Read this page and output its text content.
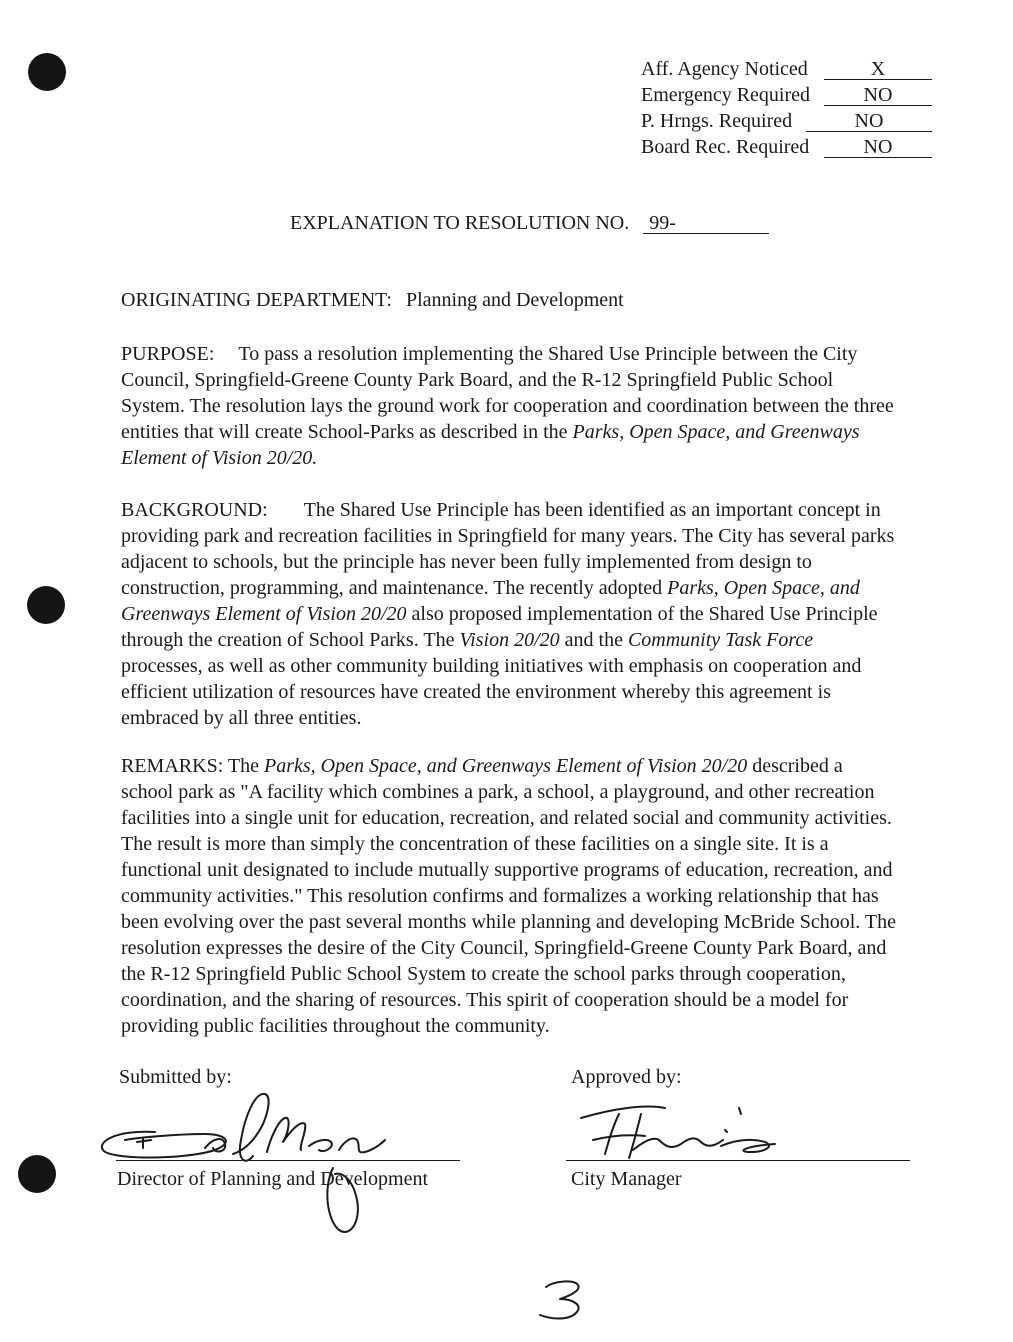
Aff. Agency Noticed	X
Emergency Required	NO
P. Hrngs. Required	NO
Board Rec. Required	NO
EXPLANATION TO RESOLUTION NO. 99-
ORIGINATING DEPARTMENT: Planning and Development
PURPOSE: To pass a resolution implementing the Shared Use Principle between the City
Council, Springfield-Greene County Park Board, and the R-12 Springfield Public School
System. The resolution lays the ground work for cooperation and coordination between the three
entities that will create School-Parks as described in the Parks, Open Space, and Greenways
Element of Vision 20/20.
BACKGROUND: The Shared Use Principle has been identified as an important concept in
providing park and recreation facilities in Springfield for many years. The City has several parks
adjacent to schools, but the principle has never been fully implemented from design to
construction, programming, and maintenance. The recently adopted Parks, Open Space, and
Greenways Element of Vision 20/20 also proposed implementation of the Shared Use Principle
through the creation of School Parks. The Vision 20/20 and the Community Task Force
processes, as well as other community building initiatives with emphasis on cooperation and
efficient utilization of resources have created the environment whereby this agreement is
embraced by all three entities.
REMARKS: The Parks, Open Space, and Greenways Element of Vision 20/20 described a
school park as "A facility which combines a park, a school, a playground, and other recreation
facilities into a single unit for education, recreation, and related social and community activities.
The result is more than simply the concentration of these facilities on a single site. It is a
functional unit designated to include mutually supportive programs of education, recreation, and
community activities." This resolution confirms and formalizes a working relationship that has
been evolving over the past several months while planning and developing McBride School. The
resolution expresses the desire of the City Council, Springfield-Greene County Park Board, and
the R-12 Springfield Public School System to create the school parks through cooperation,
coordination, and the sharing of resources. This spirit of cooperation should be a model for
providing public facilities throughout the community.
Submitted by:
Director of Planning and Development
Approved by:
City Manager
